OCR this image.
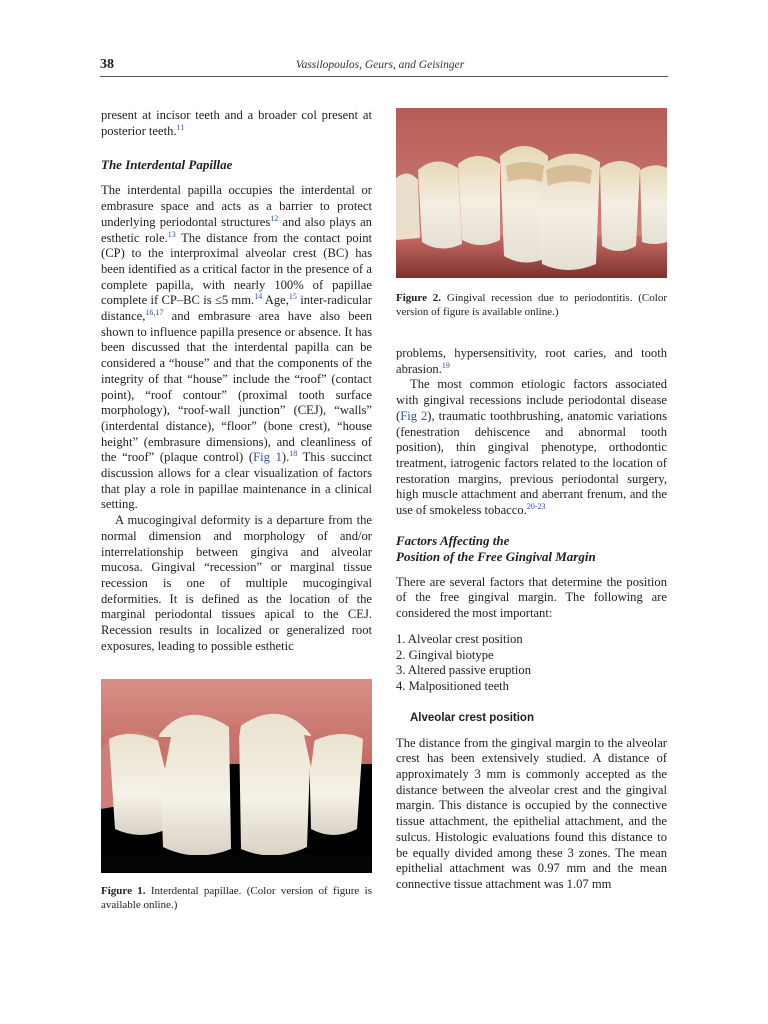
38	Vassilopoulos, Geurs, and Geisinger

present at incisor teeth and a broader col present at posterior teeth.$^{11}$

The Interdental Papillae

The interdental papilla occupies the interdental or embrasure space and acts as a barrier to protect underlying periodontal structures$^{12}$ and also plays an esthetic role.$^{13}$ The distance from the contact point (CP) to the interproximal alveolar crest (BC) has been identified as a critical factor in the presence of a complete papilla, with nearly 100% of papillae complete if CP–BC is ≤5 mm.$^{14}$ Age,$^{15}$ inter-radicular distance,$^{16,17}$ and embrasure area have also been shown to influence papilla presence or absence. It has been discussed that the interdental papilla can be considered a “house” and that the components of the integrity of that “house” include the “roof” (contact point), “roof contour” (proximal tooth surface morphology), “roof-wall junction” (CEJ), “walls” (interdental distance), “floor” (bone crest), “house height” (embrasure dimensions), and cleanliness of the “roof” (plaque control) (Fig 1).$^{18}$ This succinct discussion allows for a clear visualization of factors that play a role in papillae maintenance in a clinical setting.

A mucogingival deformity is a departure from the normal dimension and morphology of and/or interrelationship between gingiva and alveolar mucosa. Gingival “recession” or marginal tissue recession is one of multiple mucogingival deformities. It is defined as the location of the marginal periodontal tissues apical to the CEJ. Recession results in localized or generalized root exposures, leading to possible esthetic

Figure 1. Interdental papillae. (Color version of figure is available online.)
Figure 2. Gingival recession due to periodontitis. (Color version of figure is available online.)

problems, hypersensitivity, root caries, and tooth abrasion.$^{19}$

The most common etiologic factors associated with gingival recessions include periodontal disease (Fig 2), traumatic toothbrushing, anatomic variations (fenestration dehiscence and abnormal tooth position), thin gingival phenotype, orthodontic treatment, iatrogenic factors related to the location of restoration margins, previous periodontal surgery, high muscle attachment and aberrant frenum, and the use of smokeless tobacco.$^{20-23}$

Factors Affecting the
Position of the Free Gingival Margin

There are several factors that determine the position of the free gingival margin. The following are considered the most important:

1. Alveolar crest position
2. Gingival biotype
3. Altered passive eruption
4. Malpositioned teeth
Alveolar crest position

The distance from the gingival margin to the alveolar crest has been extensively studied. A distance of approximately 3 mm is commonly accepted as the distance between the alveolar crest and the gingival margin. This distance is occupied by the connective tissue attachment, the epithelial attachment, and the sulcus. Histologic evaluations found this distance to be equally divided among these 3 zones. The mean epithelial attachment was 0.97 mm and the mean connective tissue attachment was 1.07 mm
